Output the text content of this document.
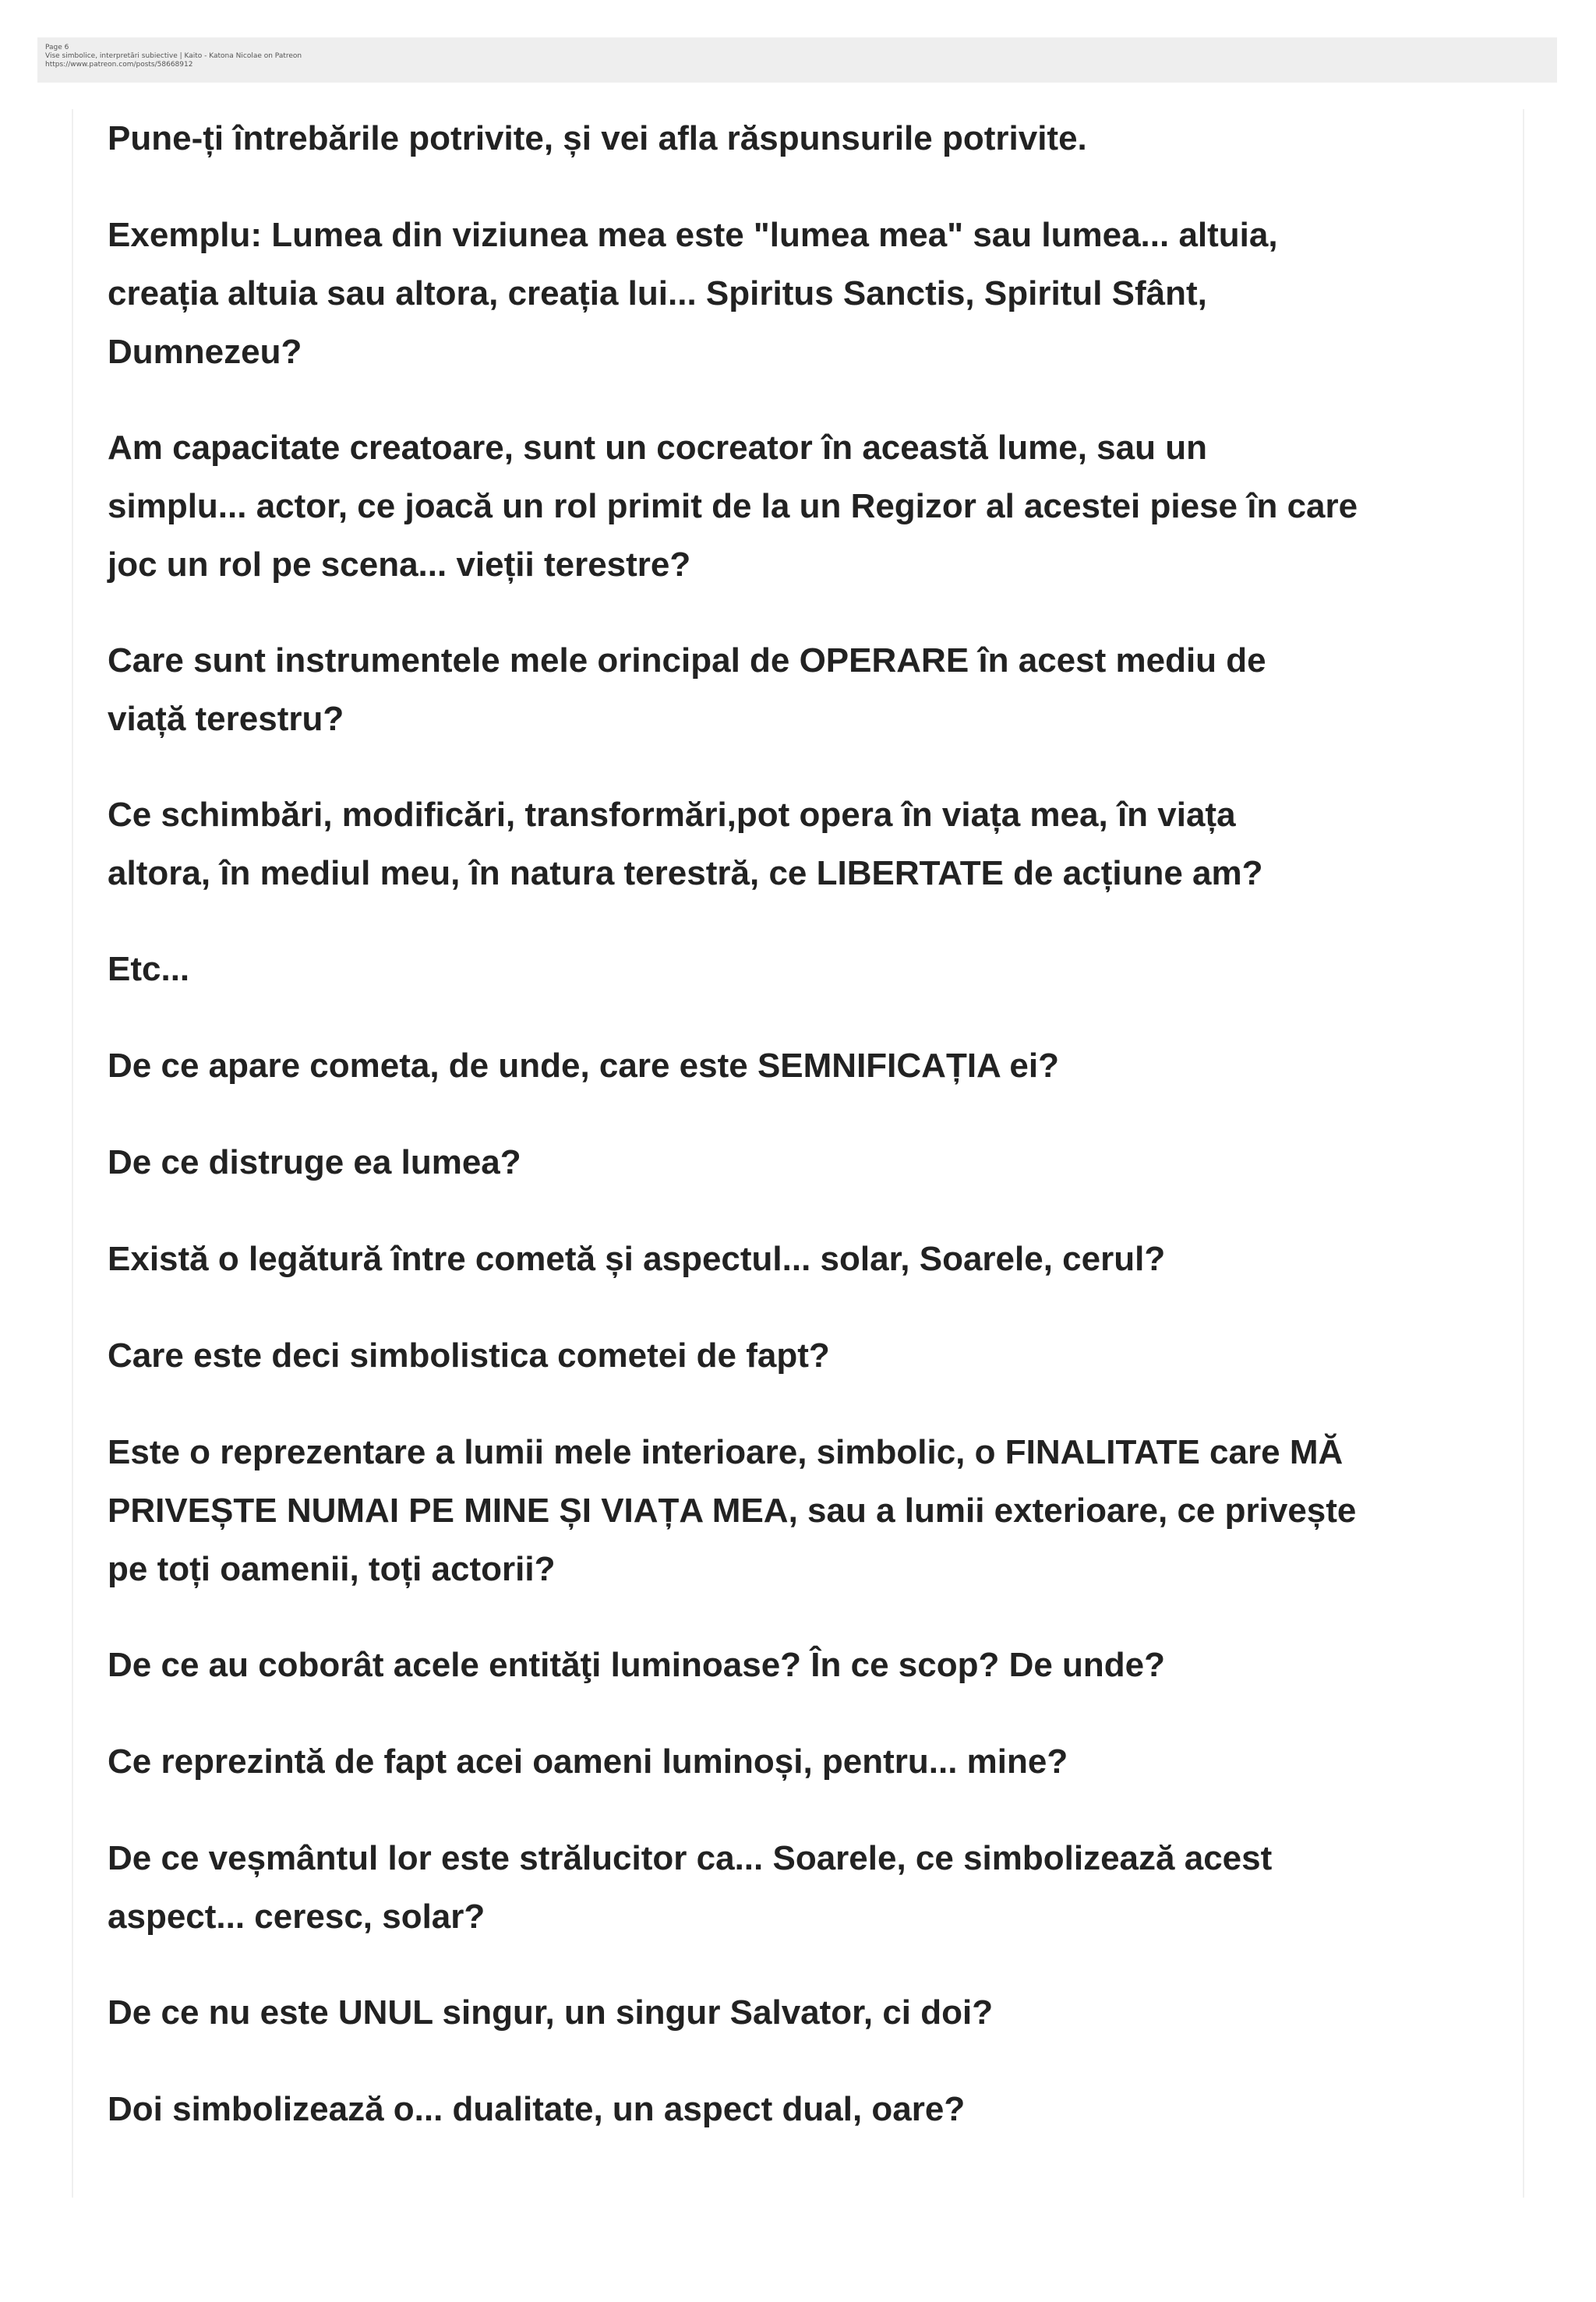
Page 6
Vise simbolice, interpretări subiective | Kaito - Katona Nicolae on Patreon
https://www.patreon.com/posts/58668912

Pune-ți întrebările potrivite, și vei afla răspunsurile potrivite.

Exemplu: Lumea din viziunea mea este "lumea mea" sau lumea... altuia,
creația altuia sau altora, creația lui... Spiritus Sanctis, Spiritul Sfânt,
Dumnezeu?

Am capacitate creatoare, sunt un cocreator în această lume, sau un
simplu... actor, ce joacă un rol primit de la un Regizor al acestei piese în care
joc un rol pe scena... vieții terestre?

Care sunt instrumentele mele orincipal de OPERARE în acest mediu de
viață terestru?

Ce schimbări, modificări, transformări,pot opera în viața mea, în viața
altora, în mediul meu, în natura terestră, ce LIBERTATE de acțiune am?

Etc...

De ce apare cometa, de unde, care este SEMNIFICAȚIA ei?

De ce distruge ea lumea?

Există o legătură între cometă și aspectul... solar, Soarele, cerul?

Care este deci simbolistica cometei de fapt?

Este o reprezentare a lumii mele interioare, simbolic, o FINALITATE care MĂ
PRIVEȘTE NUMAI PE MINE ȘI VIAȚA MEA, sau a lumii exterioare, ce privește
pe toți oamenii, toți actorii?

De ce au coborât acele entităţi luminoase? În ce scop? De unde?

Ce reprezintă de fapt acei oameni luminoși, pentru... mine?

De ce veșmântul lor este strălucitor ca... Soarele, ce simbolizează acest
aspect... ceresc, solar?

De ce nu este UNUL singur, un singur Salvator, ci doi?

Doi simbolizează o... dualitate, un aspect dual, oare?
